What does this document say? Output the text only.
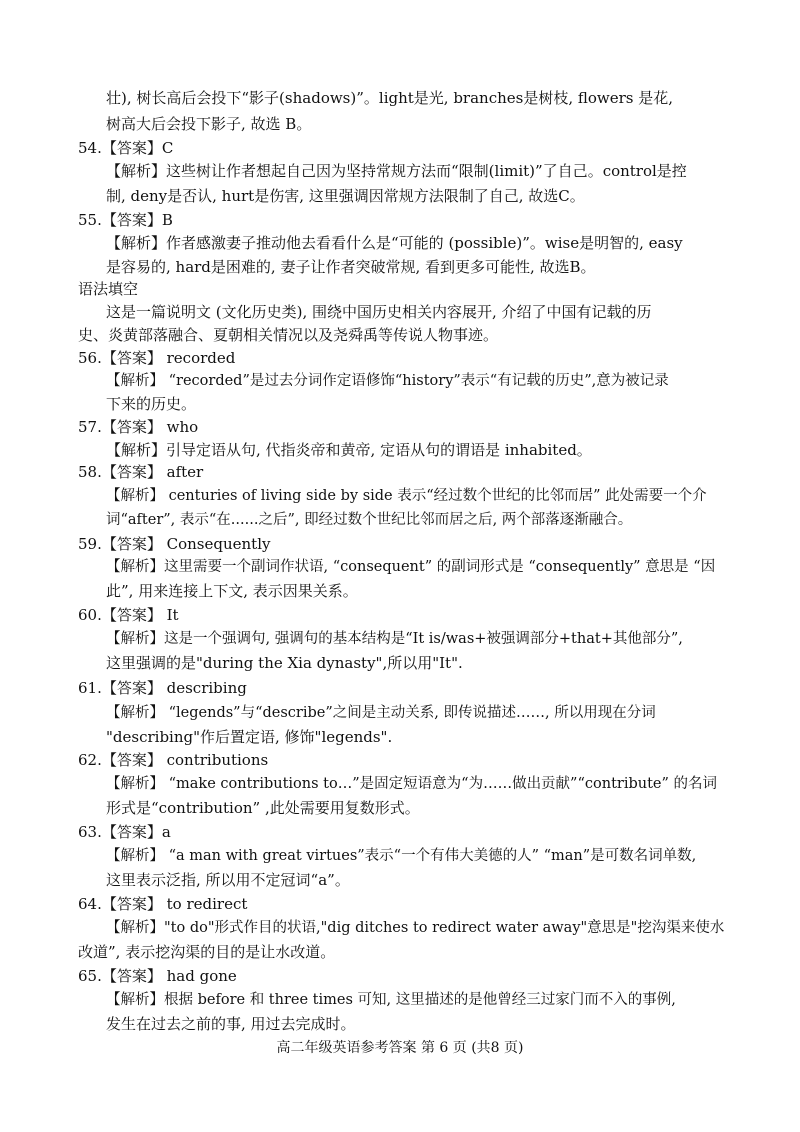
壮), 树长高后会投下“影子(shadows)”。light是光, branches是树枝, flowers 是花,
树高大后会投下影子, 故选 B。
54.【答案】C
【解析】这些树让作者想起自己因为坚持常规方法而“限制(limit)”了自己。control是控
制, deny是否认, hurt是伤害, 这里强调因常规方法限制了自己, 故选C。
55.【答案】B
【解析】作者感激妻子推动他去看看什么是“可能的 (possible)”。wise是明智的, easy
是容易的, hard是困难的, 妻子让作者突破常规, 看到更多可能性, 故选B。
语法填空
这是一篇说明文 (文化历史类), 围绕中国历史相关内容展开, 介绍了中国有记载的历
史、炎黄部落融合、夏朝相关情况以及尧舜禹等传说人物事迹。
56.【答案】 recorded
【解析】 “recorded”是过去分词作定语修饰“history”表示“有记载的历史”,意为被记录
下来的历史。
57.【答案】 who
【解析】引导定语从句, 代指炎帝和黄帝, 定语从句的谓语是 inhabited。
58.【答案】 after
【解析】 centuries of living side by side 表示“经过数个世纪的比邻而居” 此处需要一个介
词“after”, 表示“在......之后”, 即经过数个世纪比邻而居之后, 两个部落逐渐融合。
59.【答案】 Consequently
【解析】这里需要一个副词作状语, “consequent” 的副词形式是 “consequently” 意思是 “因
此”, 用来连接上下文, 表示因果关系。
60.【答案】 It
【解析】这是一个强调句, 强调句的基本结构是“It is/was+被强调部分+that+其他部分”,
这里强调的是"during the Xia dynasty",所以用"It".
61.【答案】 describing
【解析】 “legends”与“describe”之间是主动关系, 即传说描述……, 所以用现在分词
"describing"作后置定语, 修饰"legends".
62.【答案】 contributions
【解析】 “make contributions to…”是固定短语意为“为……做出贡献”“contribute” 的名词
形式是“contribution” ,此处需要用复数形式。
63.【答案】a
【解析】 “a man with great virtues”表示“一个有伟大美德的人” “man”是可数名词单数,
这里表示泛指, 所以用不定冠词“a”。
64.【答案】 to redirect
【解析】"to do"形式作目的状语,"dig ditches to redirect water away"意思是"挖沟渠来使水
改道”, 表示挖沟渠的目的是让水改道。
65.【答案】 had gone
【解析】根据 before 和 three times 可知, 这里描述的是他曾经三过家门而不入的事例,
发生在过去之前的事, 用过去完成时。
高二年级英语参考答案 第 6 页 (共8 页)
